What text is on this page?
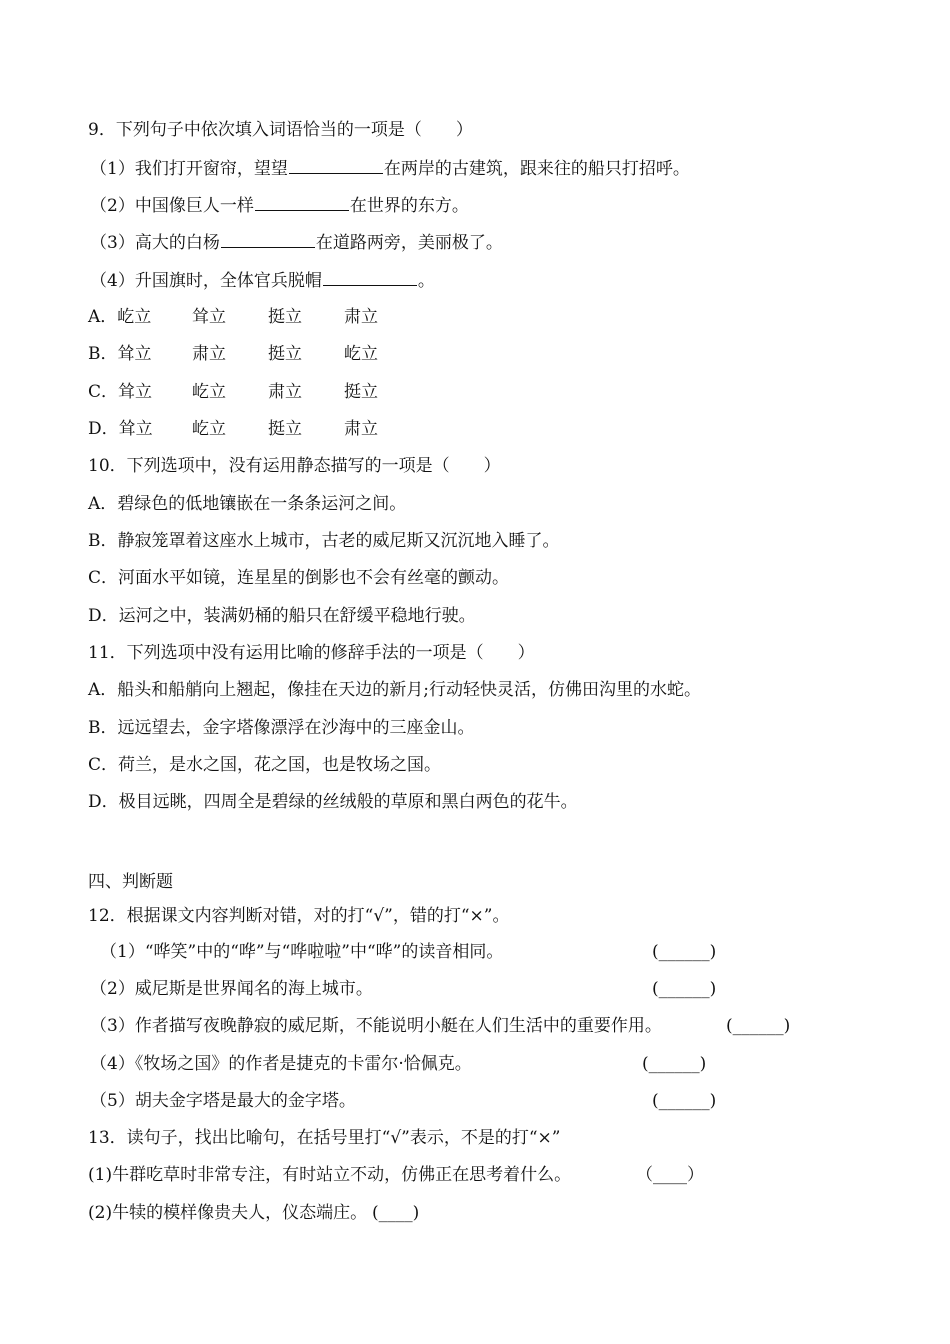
9．下列句子中依次填入词语恰当的一项是（　　）
（1）我们打开窗帘，望望	在两岸的古建筑，跟来往的船只打招呼。
（2）中国像巨人一样	在世界的东方。
（3）高大的白杨	在道路两旁，美丽极了。
（4）升国旗时，全体官兵脱帽	。
A．屹立 耸立 挺立 肃立
B．耸立 肃立 挺立 屹立
C．耸立 屹立 肃立 挺立
D．耸立 屹立 挺立 肃立
10．下列选项中，没有运用静态描写的一项是（　　）
A．碧绿色的低地镶嵌在一条条运河之间。
B．静寂笼罩着这座水上城市，古老的威尼斯又沉沉地入睡了。
C．河面水平如镜，连星星的倒影也不会有丝毫的颤动。
D．运河之中，装满奶桶的船只在舒缓平稳地行驶。
11．下列选项中没有运用比喻的修辞手法的一项是（　　）
A．船头和船艄向上翘起，像挂在天边的新月;行动轻快灵活，仿佛田沟里的水蛇。
B．远远望去，金字塔像漂浮在沙海中的三座金山。
C．荷兰，是水之国，花之国，也是牧场之国。
D．极目远眺，四周全是碧绿的丝绒般的草原和黑白两色的花牛。
四、判断题
12．根据课文内容判断对错，对的打“√”，错的打“×”。
（1）“哗笑”中的“哗”与“哗啦啦”中“哗”的读音相同。	(______)
（2）威尼斯是世界闻名的海上城市。	(______)
（3）作者描写夜晚静寂的威尼斯，不能说明小艇在人们生活中的重要作用。	(______)
（4）《牧场之国》的作者是捷克的卡雷尔·恰佩克。	(______)
（5）胡夫金字塔是最大的金字塔。	(______)
13．读句子，找出比喻句，在括号里打“√”表示，不是的打“×”
(1)牛群吃草时非常专注，有时站立不动，仿佛正在思考着什么。	（____）
(2)牛犊的模样像贵夫人，仪态端庄。 (____)
